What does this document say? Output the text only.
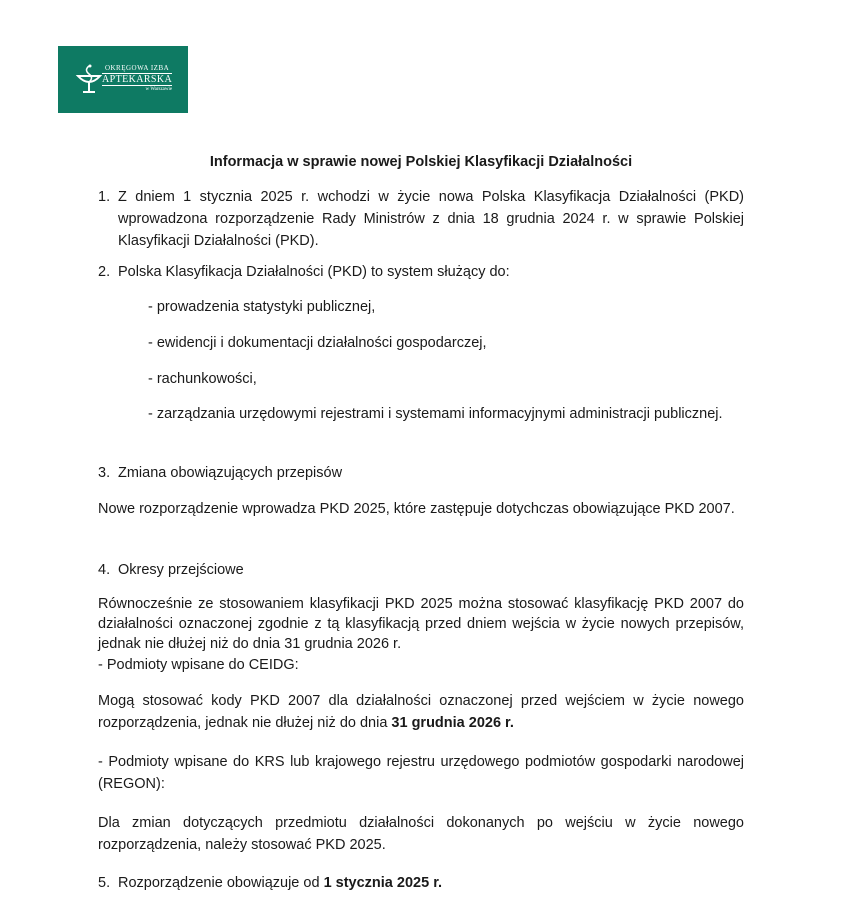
OKRĘGOWA IZBA
APTEKARSKA
w Warszawie
Informacja w sprawie nowej Polskiej Klasyfikacji Działalności
1. Z dniem 1 stycznia 2025 r. wchodzi w życie nowa Polska Klasyfikacja Działalności (PKD) wprowadzona rozporządzenie Rady Ministrów z dnia 18 grudnia 2024 r. w sprawie Polskiej Klasyfikacji Działalności (PKD).
2. Polska Klasyfikacja Działalności (PKD) to system służący do:
- prowadzenia statystyki publicznej,
- ewidencji i dokumentacji działalności gospodarczej,
- rachunkowości,
- zarządzania urzędowymi rejestrami i systemami informacyjnymi administracji publicznej.
3. Zmiana obowiązujących przepisów
Nowe rozporządzenie wprowadza PKD 2025, które zastępuje dotychczas obowiązujące PKD 2007.
4. Okresy przejściowe
Równocześnie ze stosowaniem klasyfikacji PKD 2025 można stosować klasyfikację PKD 2007 do działalności oznaczonej zgodnie z tą klasyfikacją przed dniem wejścia w życie nowych przepisów, jednak nie dłużej niż do dnia 31 grudnia 2026 r.
- Podmioty wpisane do CEIDG:
Mogą stosować kody PKD 2007 dla działalności oznaczonej przed wejściem w życie nowego rozporządzenia, jednak nie dłużej niż do dnia 31 grudnia 2026 r.
- Podmioty wpisane do KRS lub krajowego rejestru urzędowego podmiotów gospodarki narodowej (REGON):
Dla zmian dotyczących przedmiotu działalności dokonanych po wejściu w życie nowego rozporządzenia, należy stosować PKD 2025.
5. Rozporządzenie obowiązuje od 1 stycznia 2025 r.
